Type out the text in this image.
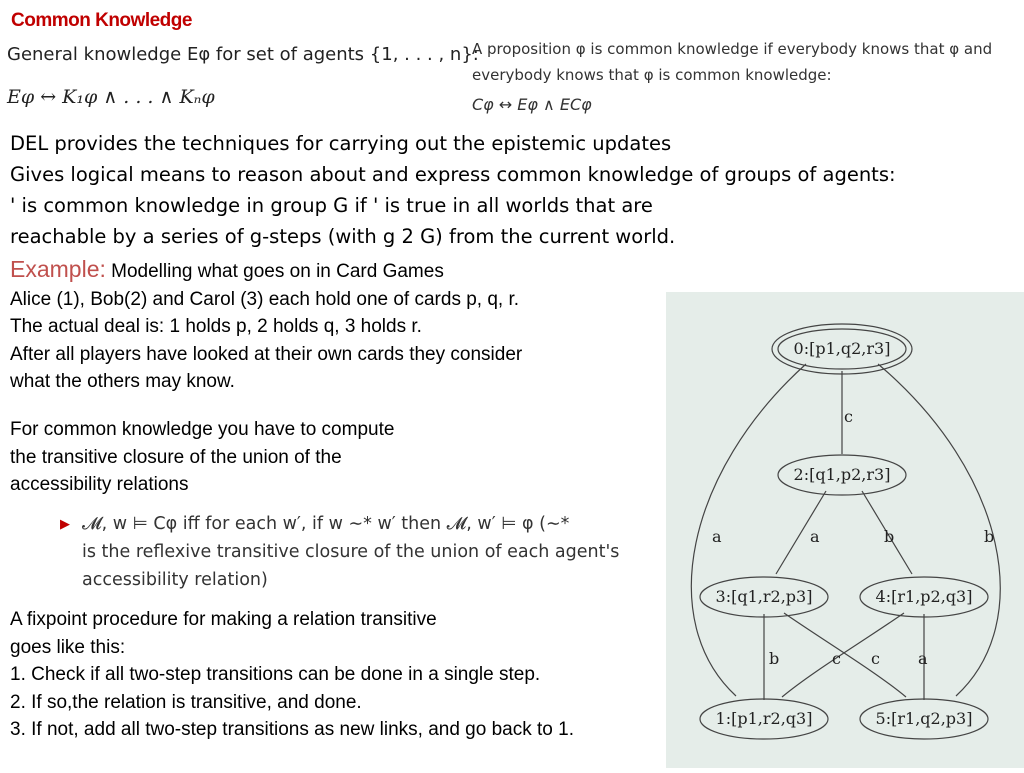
Common Knowledge
General knowledge Eφ for set of agents {1, . . . , n}:
Eφ ↔ K₁φ ∧ . . . ∧ Kₙφ
A proposition φ is common knowledge if everybody knows that φ and
everybody knows that φ is common knowledge:
Cφ ↔ Eφ ∧ ECφ
DEL provides the techniques for carrying out the epistemic updates
Gives logical means to reason about and express common knowledge of groups of agents:
' is common knowledge in group G if ' is true in all worlds that are
reachable by a series of g-steps (with g 2 G) from the current world.
Example: Modelling what goes on in Card Games
Alice (1), Bob(2) and Carol (3) each hold one of cards p, q, r.
The actual deal is: 1 holds p, 2 holds q, 3 holds r.
After all players have looked at their own cards they consider
what the others may know.
For common knowledge you have to compute
the transitive closure of the union of the
accessibility relations
▶ 𝓜, w ⊨ Cφ iff for each w′, if w ∼* w′ then 𝓜, w′ ⊨ φ (∼*
is the reflexive transitive closure of the union of each agent's
accessibility relation)
A fixpoint procedure for making a relation transitive
goes like this:
1. Check if all two-step transitions can be done in a single step.
2. If so,the relation is transitive, and done.
3. If not, add all two-step transitions as new links, and go back to 1.
0:[p1,q2,r3]
2:[q1,p2,r3]
3:[q1,r2,p3]	4:[r1,p2,q3]
1:[p1,r2,q3]	5:[r1,q2,p3]
c
a	b
a	b
b	c c a
